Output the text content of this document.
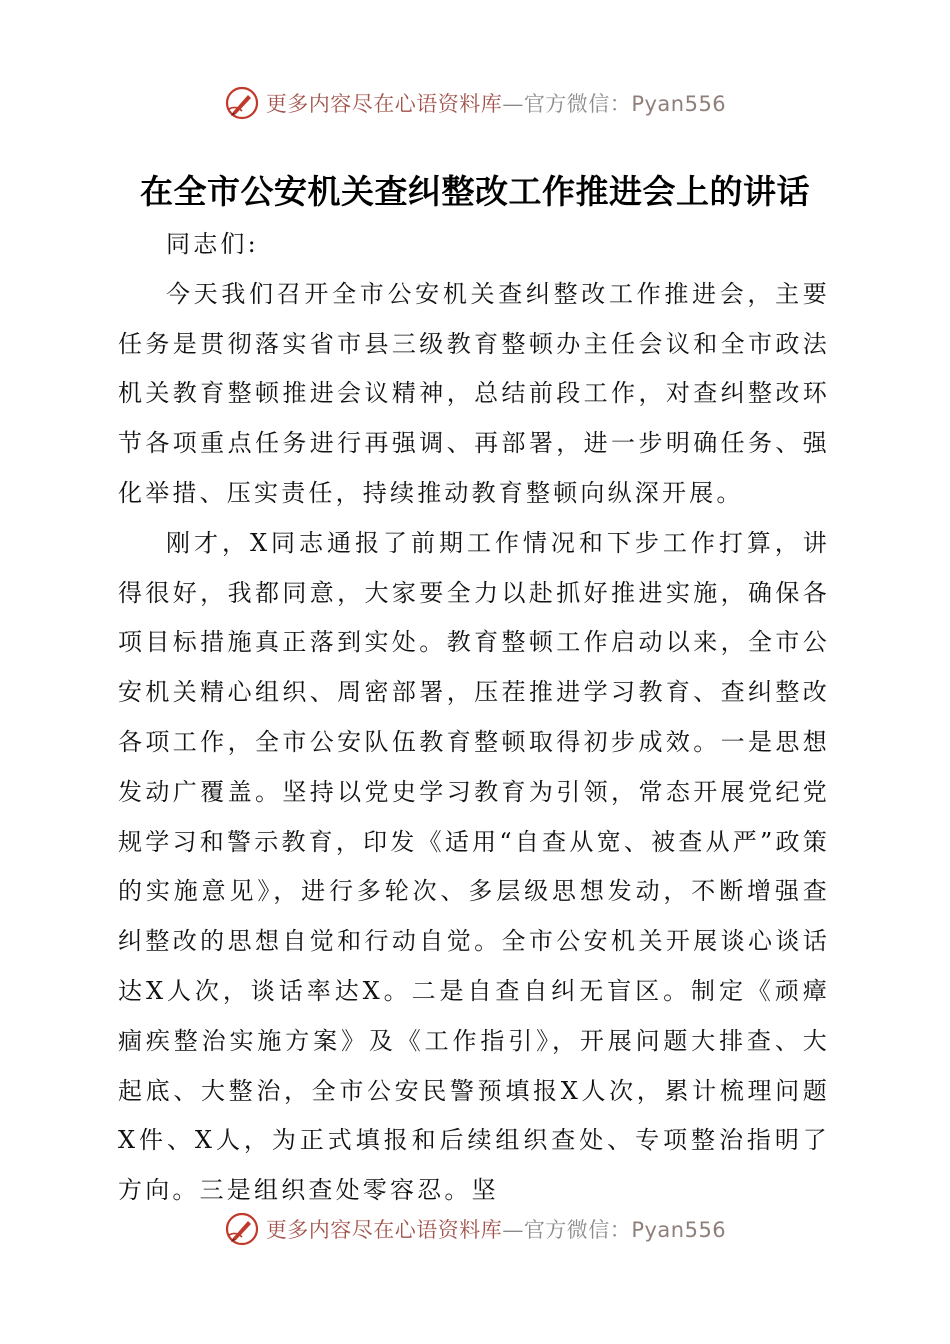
更多内容尽在心语资料库—官方微信：Pyan556
在全市公安机关查纠整改工作推进会上的讲话

同志们:

今天我们召开全市公安机关查纠整改工作推进会，主要任务是贯彻落实省市县三级教育整顿办主任会议和全市政法机关教育整顿推进会议精神，总结前段工作，对查纠整改环节各项重点任务进行再强调、再部署，进一步明确任务、强化举措、压实责任，持续推动教育整顿向纵深开展。

刚才，X同志通报了前期工作情况和下步工作打算，讲得很好，我都同意，大家要全力以赴抓好推进实施，确保各项目标措施真正落到实处。教育整顿工作启动以来，全市公安机关精心组织、周密部署，压茬推进学习教育、查纠整改各项工作，全市公安队伍教育整顿取得初步成效。一是思想发动广覆盖。坚持以党史学习教育为引领，常态开展党纪党规学习和警示教育，印发《适用“自查从宽、被查从严”政策的实施意见》，进行多轮次、多层级思想发动，不断增强查纠整改的思想自觉和行动自觉。全市公安机关开展谈心谈话达X人次，谈话率达X。二是自查自纠无盲区。制定《顽瘴痼疾整治实施方案》及《工作指引》，开展问题大排查、大起底、大整治，全市公安民警预填报X人次，累计梳理问题X件、X人，为正式填报和后续组织查处、专项整治指明了方向。三是组织查处零容忍。坚

更多内容尽在心语资料库—官方微信：Pyan556
